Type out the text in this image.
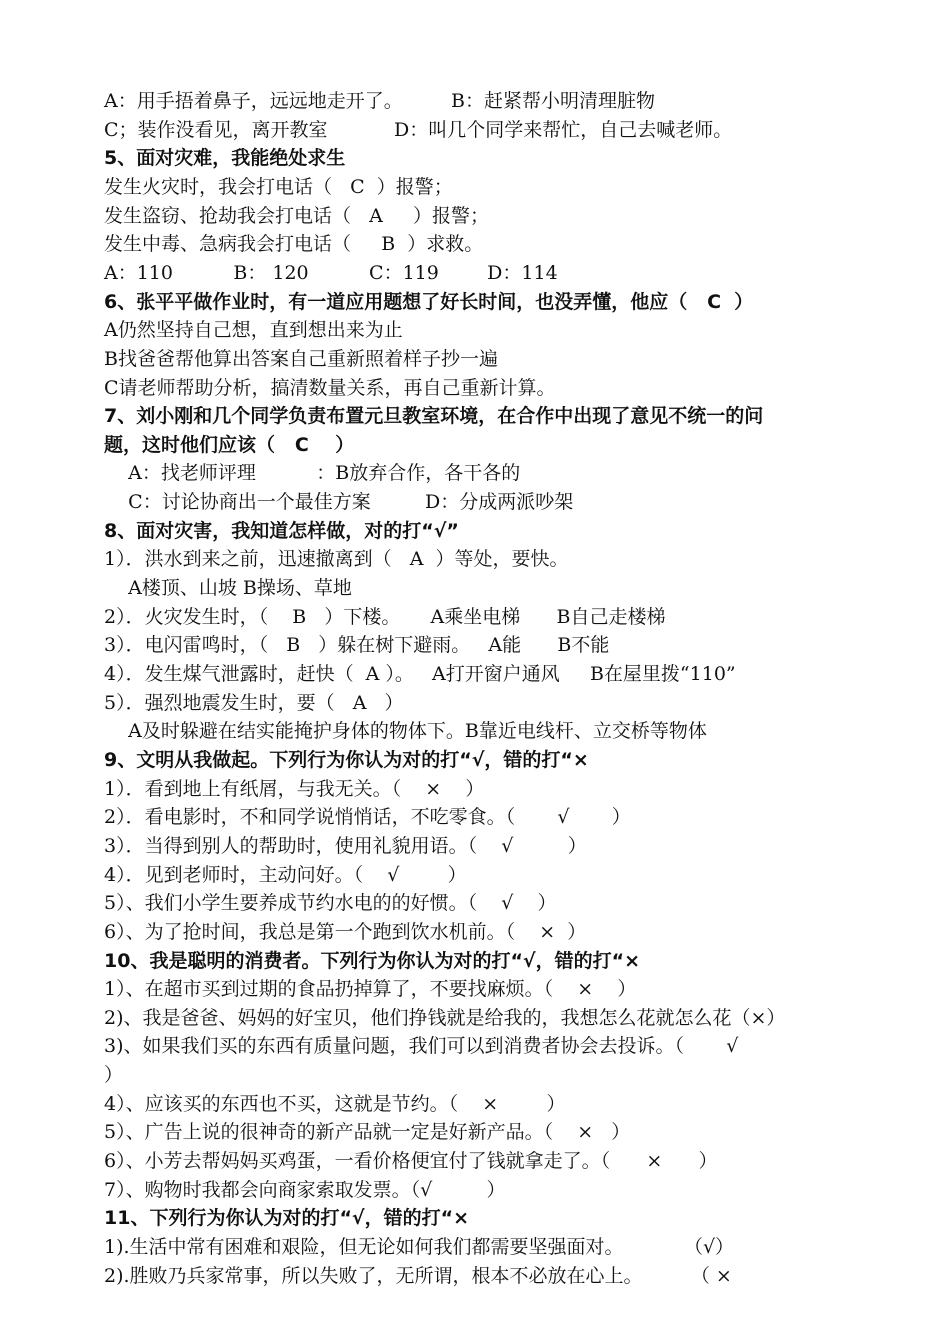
A：用手捂着鼻子，远远地走开了。        B：赶紧帮小明清理脏物
C；装作没看见，离开教室           D：叫几个同学来帮忙，自己去喊老师。
5、面对灾难，我能绝处求生
发生火灾时，我会打电话（   C  ）报警；
发生盗窃、抢劫我会打电话（   A     ）报警；
发生中毒、急病我会打电话（     B  ）求救。
A：110          B： 120          C：119        D：114
6、张平平做作业时，有一道应用题想了好长时间，也没弄懂，他应（   C  ）
A仍然坚持自己想，直到想出来为止
B找爸爸帮他算出答案自己重新照着样子抄一遍
C请老师帮助分析，搞清数量关系，再自己重新计算。
7、刘小刚和几个同学负责布置元旦教室环境，在合作中出现了意见不统一的问
题，这时他们应该（   C    ）
A：找老师评理          ：B放弃合作，各干各的
C：讨论协商出一个最佳方案         D：分成两派吵架
8、面对灾害，我知道怎样做，对的打“√”
1）．洪水到来之前，迅速撤离到（   A  ）等处，要快。
A楼顶、山坡 B操场、草地
2）．火灾发生时，（    B   ）下楼。     A乘坐电梯      B自己走楼梯
3）．电闪雷鸣时，（   B   ）躲在树下避雨。   A能      B不能
4）．发生煤气泄露时，赶快（  A ）。   A打开窗户通风     B在屋里拨“110”
5）．强烈地震发生时，要（   A   ）
A及时躲避在结实能掩护身体的物体下。B靠近电线杆、立交桥等物体
9、文明从我做起。下列行为你认为对的打“√，错的打“×
1）．看到地上有纸屑，与我无关。（    ×    ）
2）．看电影时，不和同学说悄悄话，不吃零食。（       √       ）
3）．当得到别人的帮助时，使用礼貌用语。（    √         ）
4）．见到老师时，主动问好。（    √        ）
5）、我们小学生要养成节约水电的的好惯。（    √    ）
6）、为了抢时间，我总是第一个跑到饮水机前。（    ×  ）
10、我是聪明的消费者。下列行为你认为对的打“√，错的打“×
1）、在超市买到过期的食品扔掉算了，不要找麻烦。（    ×    ）
2)、我是爸爸、妈妈的好宝贝，他们挣钱就是给我的，我想怎么花就怎么花（×）
3)、如果我们买的东西有质量问题，我们可以到消费者协会去投诉。（       √
）
4）、应该买的东西也不买，这就是节约。（    ×        ）
5）、广告上说的很神奇的新产品就一定是好新产品。（    ×   ）
6）、小芳去帮妈妈买鸡蛋，一看价格便宜付了钱就拿走了。（      ×      ）
7）、购物时我都会向商家索取发票。（√         ）
11、下列行为你认为对的打“√，错的打“×
1).生活中常有困难和艰险，但无论如何我们都需要坚强面对。          （√）
2).胜败乃兵家常事，所以失败了，无所谓，根本不必放在心上。        （ ×
